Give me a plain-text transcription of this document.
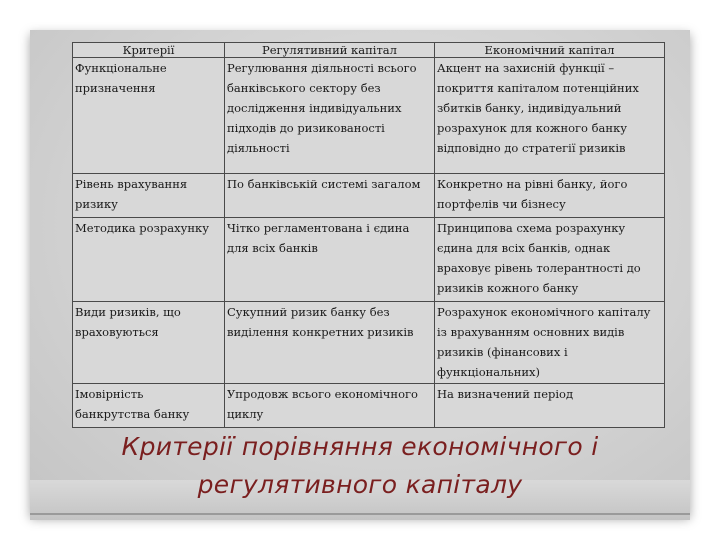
Критерії	Регулятивний капітал	Економічний капітал
Функціональне призначення	Регулювання діяльності всього банківського сектору без дослідження індивідуальних підходів до ризикованості діяльності	Акцент на захисній функції – покриття капіталом потенційних збитків банку, індивідуальний розрахунок для кожного банку відповідно до стратегії ризиків
Рівень врахування ризику	По банківській системі загалом	Конкретно на рівні банку, його портфелів чи бізнесу
Методика розрахунку	Чітко регламентована і єдина для всіх банків	Принципова схема розрахунку єдина для всіх банків, однак враховує рівень толерантності до ризиків кожного банку
Види ризиків, що враховуються	Сукупний ризик банку без виділення конкретних ризиків	Розрахунок економічного капіталу із врахуванням основних видів ризиків (фінансових і функціональних)
Імовірність банкрутства банку	Упродовж всього економічного циклу	На визначений період
Критерії порівняння економічного і
регулятивного капіталу
